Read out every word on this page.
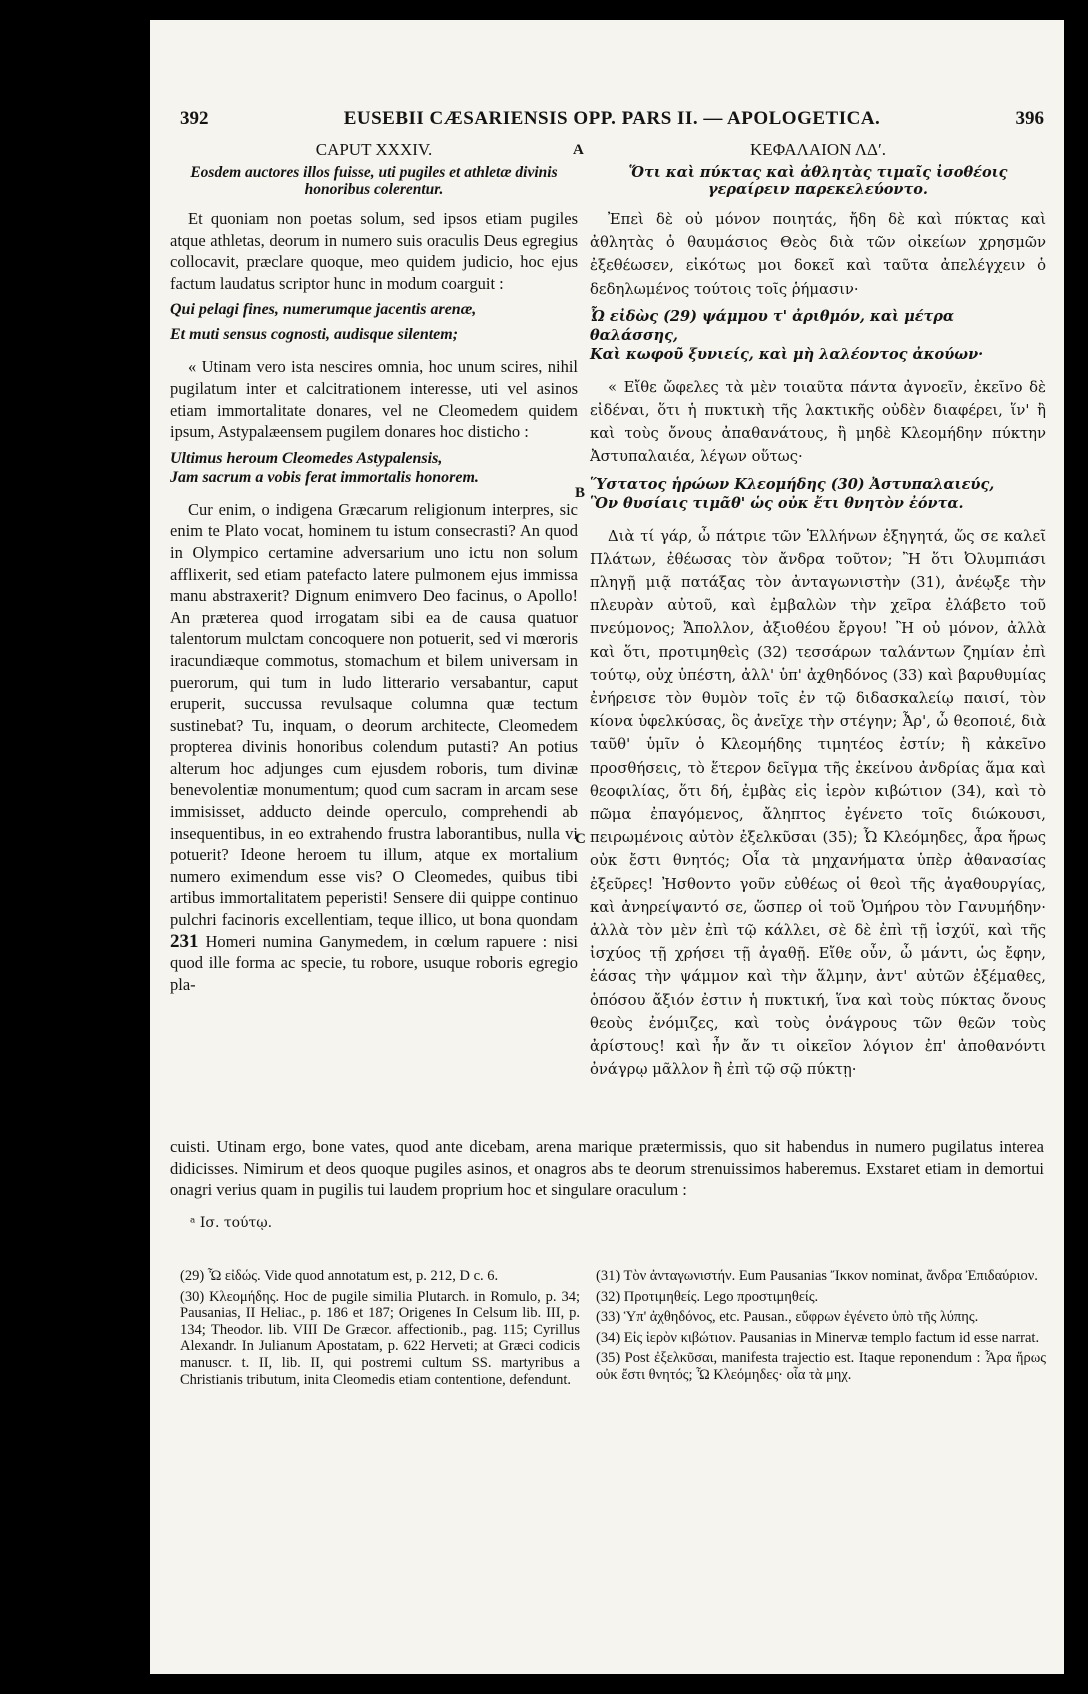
392	EUSEBII CÆSARIENSIS OPP. PARS II. — APOLOGETICA.	396
A
B
C
CAPUT XXXIV.
Eosdem auctores illos fuisse, uti pugiles et athletæ divinis honoribus colerentur.

Et quoniam non poetas solum, sed ipsos etiam pugiles atque athletas, deorum in numero suis oraculis Deus egregius collocavit, præclare quoque, meo quidem judicio, hoc ejus factum laudatus scriptor hunc in modum coarguit :

Qui pelagi fines, numerumque jacentis arenæ,
Et muti sensus cognosti, audisque silentem;

« Utinam vero ista nescires omnia, hoc unum scires, nihil pugilatum inter et calcitrationem interesse, uti vel asinos etiam immortalitate donares, vel ne Cleomedem quidem ipsum, Astypalæensem pugilem donares hoc disticho :

Ultimus heroum Cleomedes Astypalensis,
Jam sacrum a vobis ferat immortalis honorem.

Cur enim, o indigena Græcarum religionum interpres, sic enim te Plato vocat, hominem tu istum consecrasti? An quod in Olympico certamine adversarium uno ictu non solum afflixerit, sed etiam patefacto latere pulmonem ejus immissa manu abstraxerit? Dignum enimvero Deo facinus, o Apollo! An præterea quod irrogatam sibi ea de causa quatuor talentorum mulctam concoquere non potuerit, sed vi mœroris iracundiæque commotus, stomachum et bilem universam in puerorum, qui tum in ludo litterario versabantur, caput eruperit, succussa revulsaque columna quæ tectum sustinebat? Tu, inquam, o deorum architecte, Cleomedem propterea divinis honoribus colendum putasti? An potius alterum hoc adjunges cum ejusdem roboris, tum divinæ benevolentiæ monumentum; quod cum sacram in arcam sese immisisset, adducto deinde operculo, comprehendi ab insequentibus, in eo extrahendo frustra laborantibus, nulla vi potuerit? Ideone heroem tu illum, atque ex mortalium numero eximendum esse vis? O Cleomedes, quibus tibi artibus immortalitatem peperisti! Sensere dii quippe continuo pulchri facinoris excellentiam, teque illico, ut bona quondam 231 Homeri numina Ganymedem, in cœlum rapuere : nisi quod ille forma ac specie, tu robore, usuque roboris egregio pla-

ΚΕΦΑΛΑΙΟΝ ΛΔʹ.
Ὅτι καὶ πύκτας καὶ ἀθλητὰς τιμαῖς ἰσοθέοις γεραίρειν παρεκελεύοντο.

Ἐπεὶ δὲ οὐ μόνον ποιητάς, ἤδη δὲ καὶ πύκτας καὶ ἀθλητὰς ὁ θαυμάσιος Θεὸς διὰ τῶν οἰκείων χρησμῶν ἐξεθέωσεν, εἰκότως μοι δοκεῖ καὶ ταῦτα ἀπελέγχειν ὁ δεδηλωμένος τούτοις τοῖς ῥήμασιν·

Ὦ εἰδὼς (29) ψάμμου τ' ἀριθμόν, καὶ μέτρα θαλάσσης,
Καὶ κωφοῦ ξυνιείς, καὶ μὴ λαλέοντος ἀκούων·

« Εἴθε ὤφελες τὰ μὲν τοιαῦτα πάντα ἀγνοεῖν, ἐκεῖνο δὲ εἰδέναι, ὅτι ἡ πυκτικὴ τῆς λακτικῆς οὐδὲν διαφέρει, ἵν' ἢ καὶ τοὺς ὄνους ἀπαθανάτους, ἢ μηδὲ Κλεομήδην πύκτην Ἀστυπαλαιέα, λέγων οὕτως·

Ὕστατος ἡρώων Κλεομήδης (30) Ἀστυπαλαιεύς,
Ὃν θυσίαις τιμᾶθ' ὡς οὐκ ἔτι θνητὸν ἐόντα.

Διὰ τί γάρ, ὦ πάτριε τῶν Ἑλλήνων ἐξηγητά, ὥς σε καλεῖ Πλάτων, ἐθέωσας τὸν ἄνδρα τοῦτον; Ἢ ὅτι Ὀλυμπιάσι πληγῇ μιᾷ πατάξας τὸν ἀνταγωνιστὴν (31), ἀνέῳξε τὴν πλευρὰν αὐτοῦ, καὶ ἐμβαλὼν τὴν χεῖρα ἐλάβετο τοῦ πνεύμονος; Ἄπολλον, ἀξιοθέου ἔργου! Ἢ οὐ μόνον, ἀλλὰ καὶ ὅτι, προτιμηθεὶς (32) τεσσάρων ταλάντων ζημίαν ἐπὶ τούτῳ, οὐχ ὑπέστη, ἀλλ' ὑπ' ἀχθηδόνος (33) καὶ βαρυθυμίας ἐνήρεισε τὸν θυμὸν τοῖς ἐν τῷ διδασκαλείῳ παισί, τὸν κίονα ὑφελκύσας, ὃς ἀνεῖχε τὴν στέγην; Ἆρ', ὦ θεοποιέ, διὰ ταῦθ' ὑμῖν ὁ Κλεομήδης τιμητέος ἐστίν; ἢ κἀκεῖνο προσθήσεις, τὸ ἕτερον δεῖγμα τῆς ἐκείνου ἀνδρίας ἅμα καὶ θεοφιλίας, ὅτι δή, ἐμβὰς εἰς ἱερὸν κιβώτιον (34), καὶ τὸ πῶμα ἐπαγόμενος, ἄληπτος ἐγένετο τοῖς διώκουσι, πειρωμένοις αὐτὸν ἐξελκῦσαι (35); Ὦ Κλεόμηδες, ἆρα ἥρως οὐκ ἔστι θνητός; Οἷα τὰ μηχανήματα ὑπὲρ ἀθανασίας ἐξεῦρες! Ἠσθοντο γοῦν εὐθέως οἱ θεοὶ τῆς ἀγαθουργίας, καὶ ἀνηρείψαντό σε, ὥσπερ οἱ τοῦ Ὁμήρου τὸν Γανυμήδην· ἀλλὰ τὸν μὲν ἐπὶ τῷ κάλλει, σὲ δὲ ἐπὶ τῇ ἰσχύϊ, καὶ τῆς ἰσχύος τῇ χρήσει τῇ ἀγαθῇ. Εἴθε οὖν, ὦ μάντι, ὡς ἔφην, ἐάσας τὴν ψάμμον καὶ τὴν ἅλμην, ἀντ' αὐτῶν ἐξέμαθες, ὁπόσου ἄξιόν ἐστιν ἡ πυκτική, ἵνα καὶ τοὺς πύκτας ὄνους θεοὺς ἐνόμιζες, καὶ τοὺς ὀνάγρους τῶν θεῶν τοὺς ἀρίστους! καὶ ἦν ἄν τι οἰκεῖον λόγιον ἐπ' ἀποθανόντι ὀνάγρῳ μᾶλλον ἢ ἐπὶ τῷ σῷ πύκτῃ·

cuisti. Utinam ergo, bone vates, quod ante dicebam, arena marique prætermissis, quo sit habendus in numero pugilatus interea didicisses. Nimirum et deos quoque pugiles asinos, et onagros abs te deorum strenuissimos haberemus. Exstaret etiam in demortui onagri verius quam in pugilis tui laudem proprium hoc et singulare oraculum :
ᵃ Ισ. τούτῳ.

(29) Ὦ εἰδώς. Vide quod annotatum est, p. 212, D c. 6.

(30) Κλεομήδης. Hoc de pugile similia Plutarch. in Romulo, p. 34; Pausanias, II Heliac., p. 186 et 187; Origenes In Celsum lib. III, p. 134; Theodor. lib. VIII De Græcor. affectionib., pag. 115; Cyrillus Alexandr. In Julianum Apostatam, p. 622 Herveti; at Græci codicis manuscr. t. II, lib. II, qui postremi cultum SS. martyribus a Christianis tributum, inita Cleomedis etiam contentione, defendunt.

(31) Τὸν ἀνταγωνιστήν. Eum Pausanias Ἴκκον nominat, ἄνδρα Ἐπιδαύριον.

(32) Προτιμηθείς. Lego προστιμηθείς.

(33) Ὑπ' ἀχθηδόνος, etc. Pausan., εὔφρων ἐγένετο ὑπὸ τῆς λύπης.

(34) Εἰς ἱερὸν κιβώτιον. Pausanias in Minervæ templo factum id esse narrat.

(35) Post ἐξελκῦσαι, manifesta trajectio est. Itaque reponendum : Ἆρα ἥρως οὐκ ἔστι θνητός; Ὦ Κλεόμηδες· οἷα τὰ μηχ.
